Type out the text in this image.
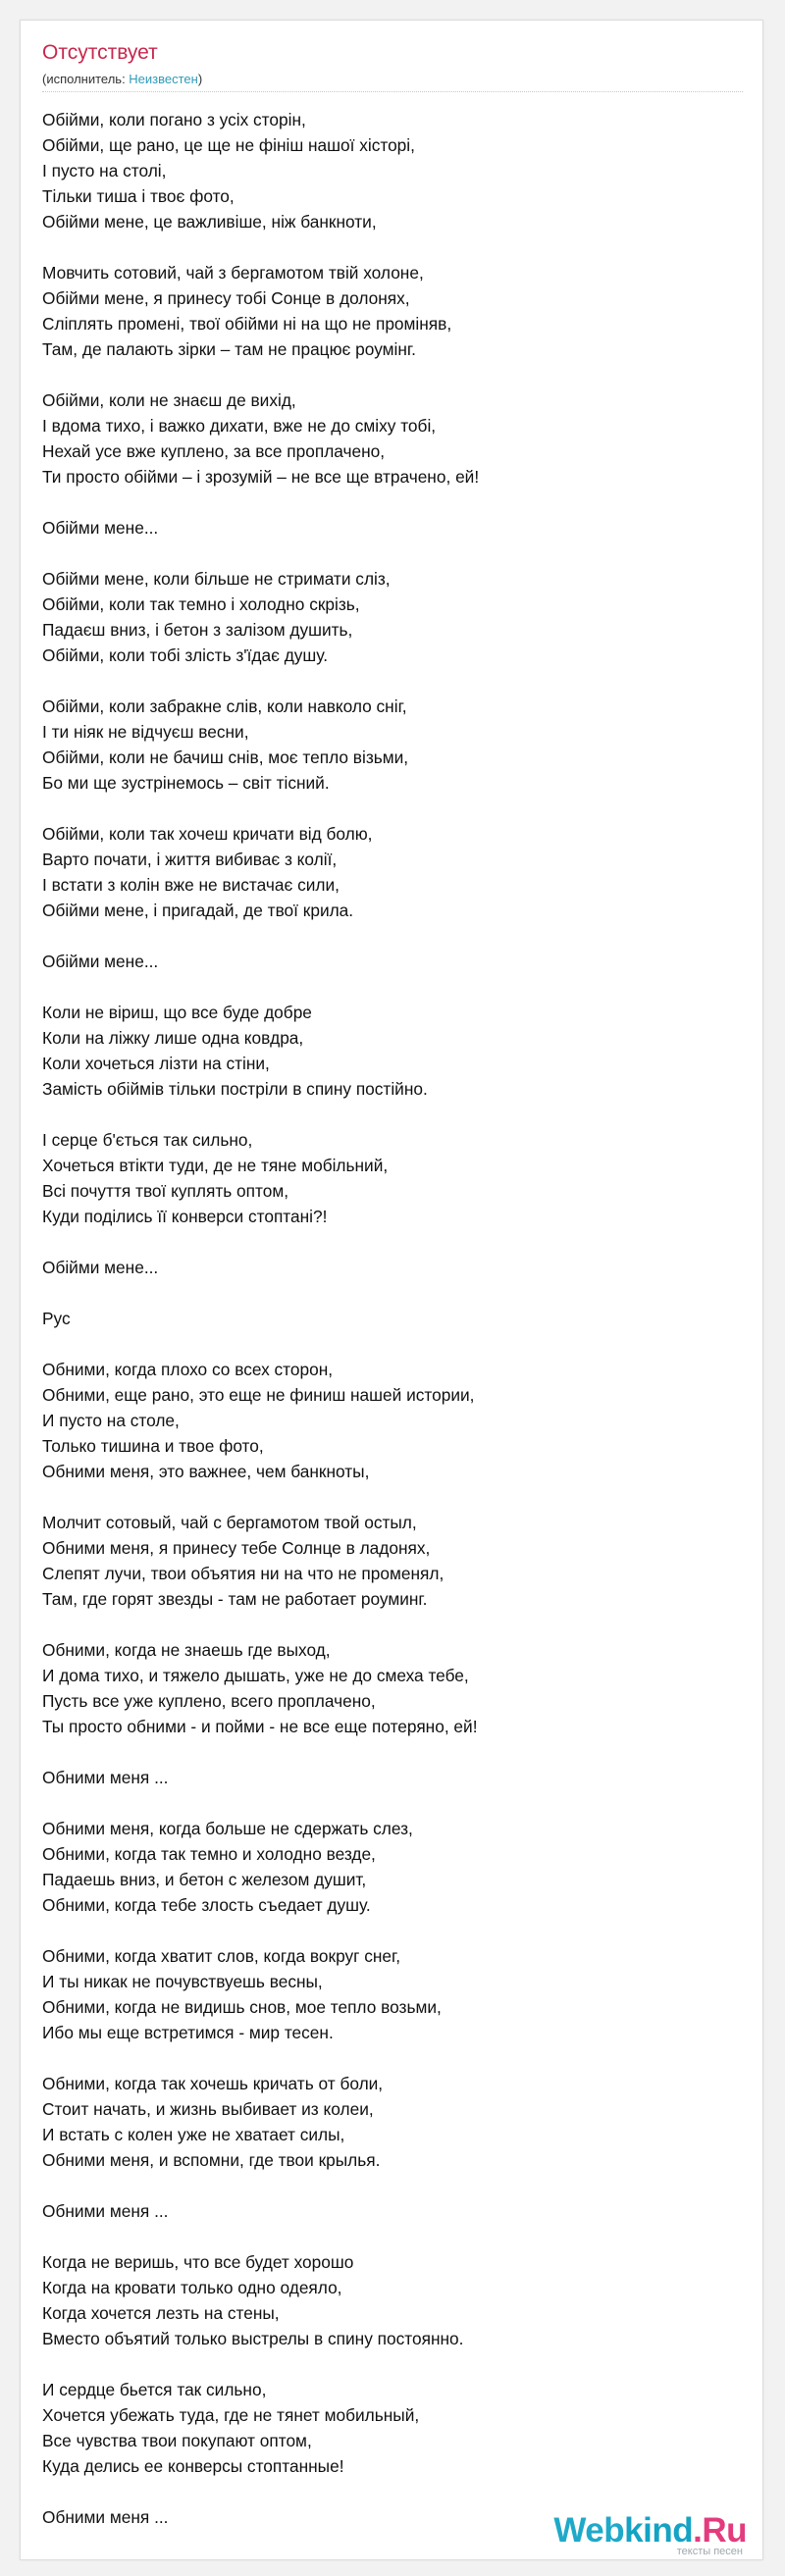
Отсутствует
(исполнитель: Неизвестен)
Обійми, коли погано з усіх сторін,
Обійми, ще рано, це ще не фініш нашої хісторі,
І пусто на столі,
Тільки тиша і твоє фото,
Обійми мене, це важливіше, ніж банкноти,
Мовчить сотовий, чай з бергамотом твій холоне,
Обійми мене, я принесу тобі Сонце в долонях,
Сліплять промені, твої обійми ні на що не проміняв,
Там, де палають зірки – там не працює роумінг.
Обійми, коли не знаєш де вихід,
І вдома тихо, і важко дихати, вже не до сміху тобі,
Нехай усе вже куплено, за все проплачено,
Ти просто обійми – і зрозумій – не все ще втрачено, ей!
Обійми мене...
Обійми мене, коли більше не стримати сліз,
Обійми, коли так темно і холодно скрізь,
Падаєш вниз, і бетон з залізом душить,
Обійми, коли тобі злість з'їдає душу.
Обійми, коли забракне слів, коли навколо сніг,
І ти ніяк не відчуєш весни,
Обійми, коли не бачиш снів, моє тепло візьми,
Бо ми ще зустрінемось – світ тісний.
Обійми, коли так хочеш кричати від болю,
Варто почати, і життя вибиває з колії,
І встати з колін вже не вистачає сили,
Обійми мене, і пригадай, де твої крила.
Обійми мене...
Коли не віриш, що все буде добре
Коли на ліжку лише одна ковдра,
Коли хочеться лізти на стіни,
Замість обіймів тільки постріли в спину постійно.
І серце б'ється так сильно,
Хочеться втікти туди, де не тяне мобільний,
Всі почуття твої куплять оптом,
Куди поділись її конверси стоптані?!
Обійми мене...
Рус
Обними, когда плохо со всех сторон,
Обними, еще рано, это еще не финиш нашей истории,
И пусто на столе,
Только тишина и твое фото,
Обними меня, это важнее, чем банкноты,
Молчит сотовый, чай с бергамотом твой остыл,
Обними меня, я принесу тебе Солнце в ладонях,
Слепят лучи, твои объятия ни на что не променял,
Там, где горят звезды - там не работает роуминг.
Обними, когда не знаешь где выход,
И дома тихо, и тяжело дышать, уже не до смеха тебе,
Пусть все уже куплено, всего проплачено,
Ты просто обними - и пойми - не все еще потеряно, ей!
Обними меня ...
Обними меня, когда больше не сдержать слез,
Обними, когда так темно и холодно везде,
Падаешь вниз, и бетон с железом душит,
Обними, когда тебе злость съедает душу.
Обними, когда хватит слов, когда вокруг снег,
И ты никак не почувствуешь весны,
Обними, когда не видишь снов, мое тепло возьми,
Ибо мы еще встретимся - мир тесен.
Обними, когда так хочешь кричать от боли,
Стоит начать, и жизнь выбивает из колеи,
И встать с колен уже не хватает силы,
Обними меня, и вспомни, где твои крылья.
Обними меня ...
Когда не веришь, что все будет хорошо
Когда на кровати только одно одеяло,
Когда хочется лезть на стены,
Вместо объятий только выстрелы в спину постоянно.
И сердце бьется так сильно,
Хочется убежать туда, где не тянет мобильный,
Все чувства твои покупают оптом,
Куда делись ее конверсы стоптанные!
Обними меня ...	Webkind.Ru
тексты песен
